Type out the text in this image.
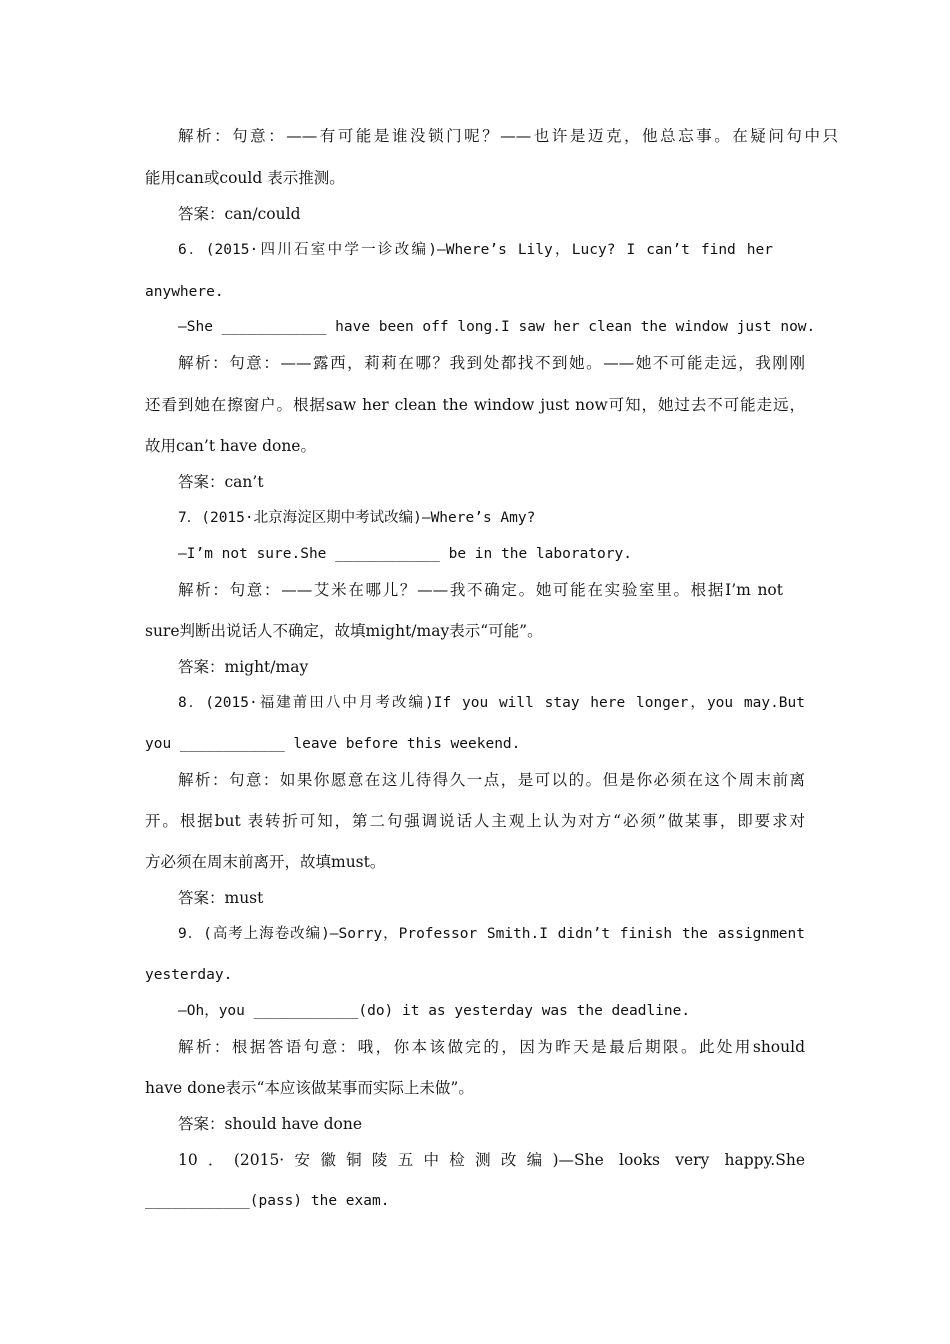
解析：句意：——有可能是谁没锁门呢？——也许是迈克，他总忘事。在疑问句中只
能用can或could 表示推测。
答案：can/could
6．(2015·四川石室中学一诊改编)—Where’s Lily，Lucy? I can’t find her
anywhere.
—She ____________ have been off long.I saw her clean the window just now.
解析：句意：——露西，莉莉在哪？我到处都找不到她。——她不可能走远，我刚刚
还看到她在擦窗户。根据saw her clean the window just now可知，她过去不可能走远，
故用can’t have done。
答案：can’t
7．(2015·北京海淀区期中考试改编)—Where’s Amy?
—I’m not sure.She ____________ be in the laboratory.
解析：句意：——艾米在哪儿？——我不确定。她可能在实验室里。根据I’m not
sure判断出说话人不确定，故填might/may表示“可能”。
答案：might/may
8．(2015·福建莆田八中月考改编)If you will stay here longer，you may.But
you ____________ leave before this weekend.
解析：句意：如果你愿意在这儿待得久一点，是可以的。但是你必须在这个周末前离
开。根据but 表转折可知，第二句强调说话人主观上认为对方“必须”做某事，即要求对
方必须在周末前离开，故填must。
答案：must
9．(高考上海卷改编)—Sorry，Professor Smith.I didn’t finish the assignment
yesterday.
—Oh，you ____________(do) it as yesterday was the deadline.
解析：根据答语句意：哦，你本该做完的，因为昨天是最后期限。此处用should
have done表示“本应该做某事而实际上未做”。
答案：should have done
10．(2015·安徽铜陵五中检测改编)—She looks very happy.She
____________(pass) the exam.
